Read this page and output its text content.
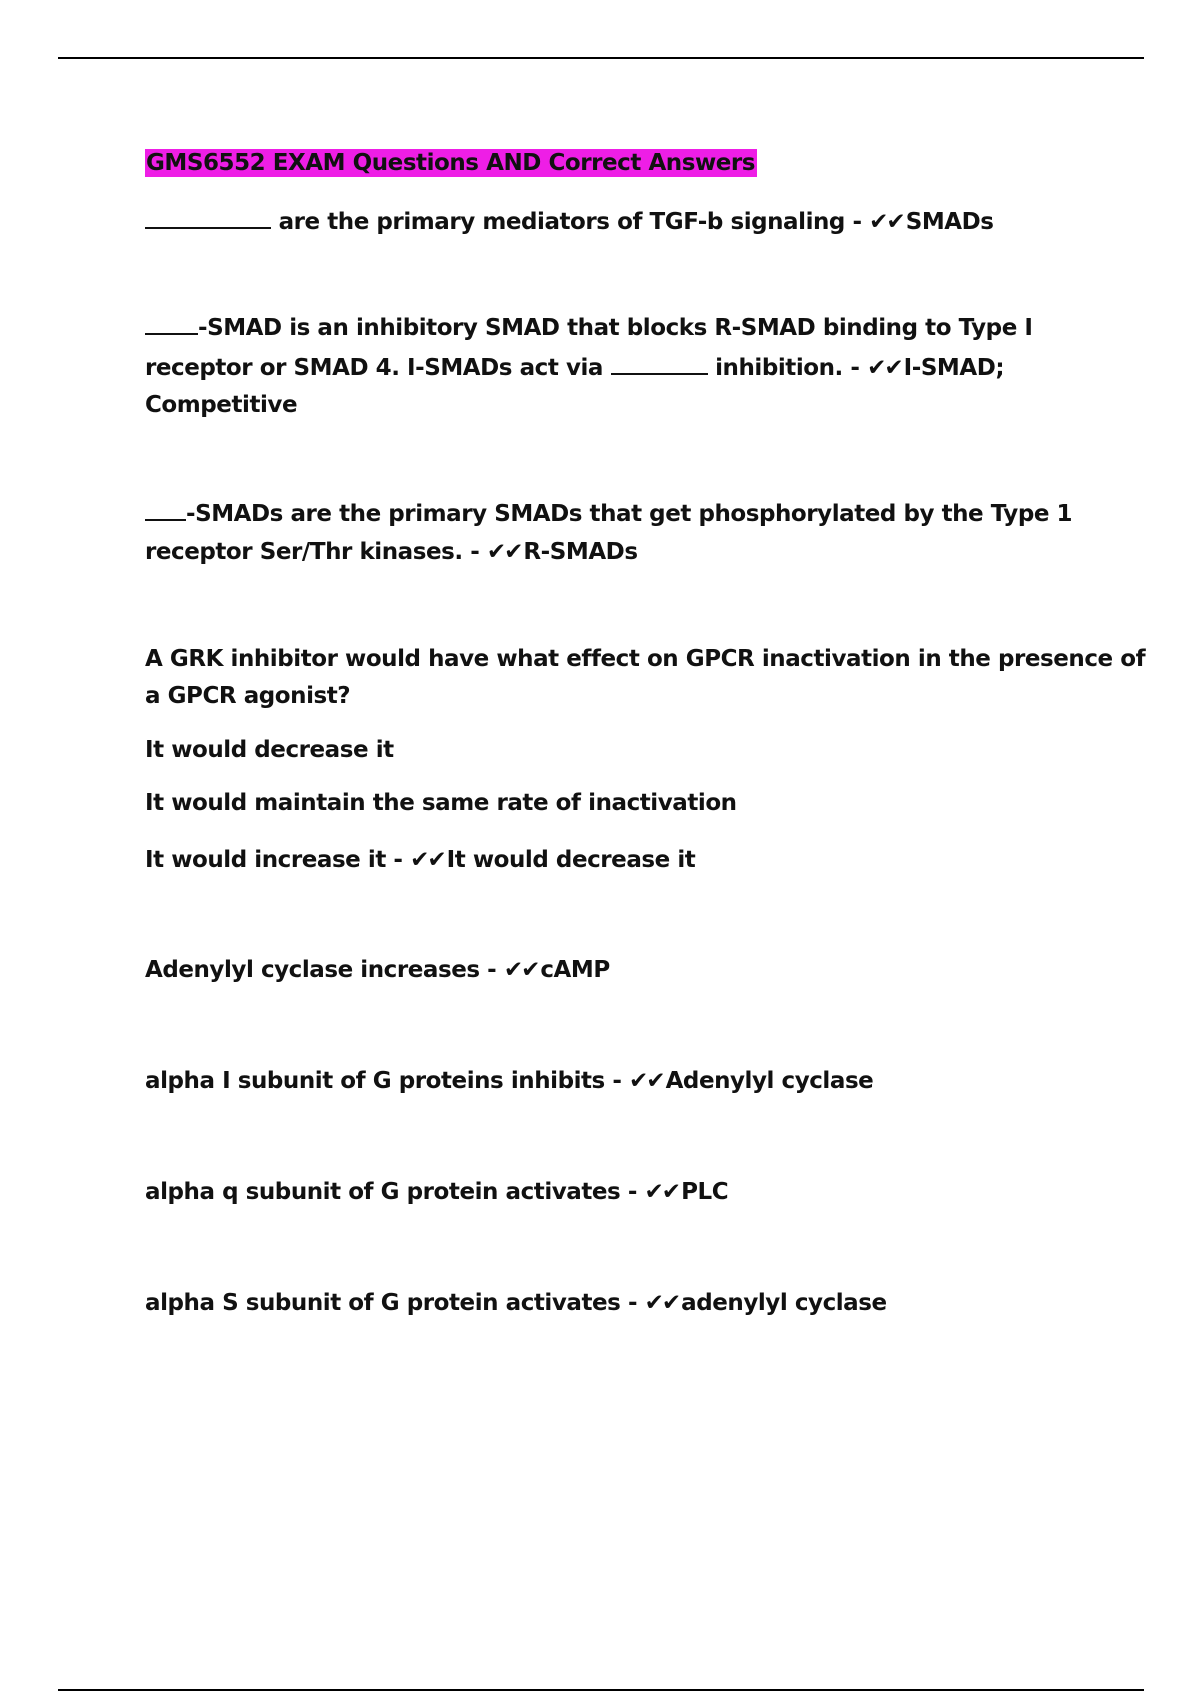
GMS6552 EXAM Questions AND Correct Answers
are the primary mediators of TGF-b signaling - ✔✔SMADs
-SMAD is an inhibitory SMAD that blocks R-SMAD binding to Type I
receptor or SMAD 4. I-SMADs act via	inhibition. - ✔✔I-SMAD;
Competitive
-SMADs are the primary SMADs that get phosphorylated by the Type 1
receptor Ser/Thr kinases. - ✔✔R-SMADs
A GRK inhibitor would have what effect on GPCR inactivation in the presence of
a GPCR agonist?
It would decrease it
It would maintain the same rate of inactivation
It would increase it - ✔✔It would decrease it
Adenylyl cyclase increases - ✔✔cAMP
alpha I subunit of G proteins inhibits - ✔✔Adenylyl cyclase
alpha q subunit of G protein activates - ✔✔PLC
alpha S subunit of G protein activates - ✔✔adenylyl cyclase
